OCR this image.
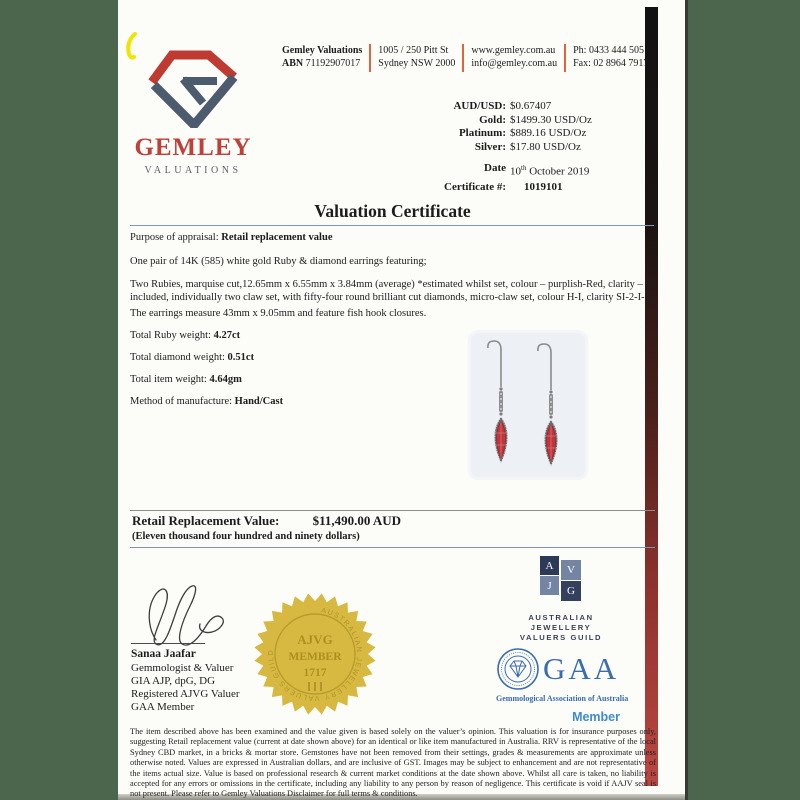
GEMLEY
VALUATIONS
Gemley Valuations
ABN 71192907017
1005 / 250 Pitt St
Sydney NSW 2000
www.gemley.com.au
info@gemley.com.au
Ph: 0433 444 505
Fax: 02 8964 7917
AUD/USD: $0.67407
Gold: $1499.30 USD/Oz
Platinum: $889.16 USD/Oz
Silver: $17.80 USD/Oz
Date 10th October 2019
Certificate #:	1019101
Valuation Certificate

Purpose of appraisal: Retail replacement value

One pair of 14K (585) white gold Ruby & diamond earrings featuring;

Two Rubies, marquise cut,12.65mm x 6.55mm x 3.84mm (average) *estimated whilst set, colour – purplish-Red, clarity – included, individually two claw set, with fifty-four round brilliant cut diamonds, micro-claw set, colour H-I, clarity SI-2-I-2.

The earrings measure 43mm x 9.05mm and feature fish hook closures.

Total Ruby weight: 4.27ct

Total diamond weight: 0.51ct

Total item weight: 4.64gm

Method of manufacture: Hand/Cast

Retail Replacement Value:	$11,490.00 AUD
(Eleven thousand four hundred and ninety dollars)
Sanaa Jaafar
Gemmologist & Valuer
GIA AJP, dpG, DG
Registered AJVG Valuer
GAA Member
AUSTRALIAN JEWELLERY VALUERS GUILD
AJVG
MEMBER
1717
A	V
J	G
AUSTRALIAN JEWELLERY
VALUERS GUILD
GAA
Gemmological Association of Australia
Member
The item described above has been examined and the value given is based solely on the valuer’s opinion. This valuation is for insurance purposes only, suggesting Retail replacement value (current at date shown above) for an identical or like item manufactured in Australia. RRV is representative of the local Sydney CBD market, in a bricks & mortar store. Gemstones have not been removed from their settings, grades & measurements are approximate unless otherwise noted. Values are expressed in Australian dollars, and are inclusive of GST. Images may be subject to enhancement and are not representative of the items actual size. Value is based on professional research & current market conditions at the date shown above. Whilst all care is taken, no liability is accepted for any errors or omissions in the certificate, including any liability to any person by reason of negligence. This certificate is void if AAJV seal is not present. Please refer to Gemley Valuations Disclaimer for full terms & conditions.
